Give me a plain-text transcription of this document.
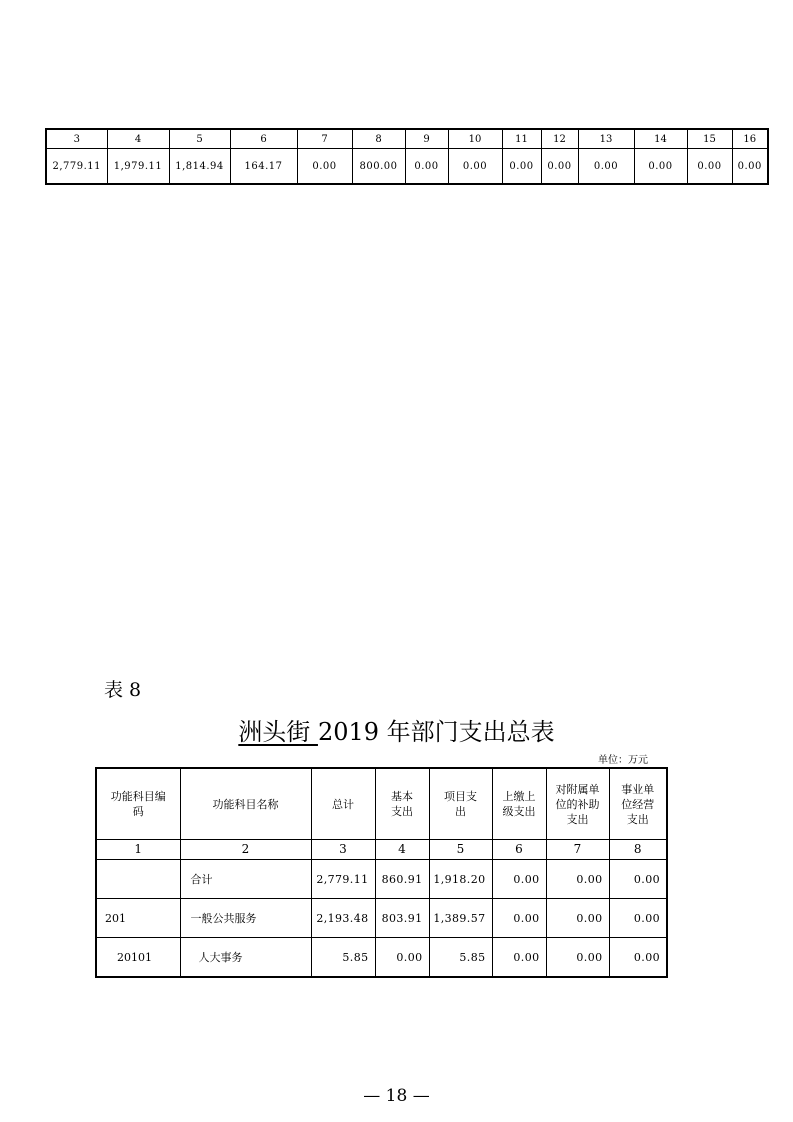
3	4	5	6	7	8	9	10	11	12	13	14	15	16
2,779.11	1,979.11	1,814.94	164.17	0.00	800.00	0.00	0.00	0.00	0.00	0.00	0.00	0.00	0.00
表 8
洲头街 2019 年部门支出总表
单位：万元
功能科目编码	功能科目名称	总计	基本支出	项目支出	上缴上级支出	对附属单位的补助支出	事业单位经营支出
1	2	3	4	5	6	7	8
	合计	2,779.11	860.91	1,918.20	0.00	0.00	0.00
201	一般公共服务	2,193.48	803.91	1,389.57	0.00	0.00	0.00
20101	人大事务	5.85	0.00	5.85	0.00	0.00	0.00
— 18 —
